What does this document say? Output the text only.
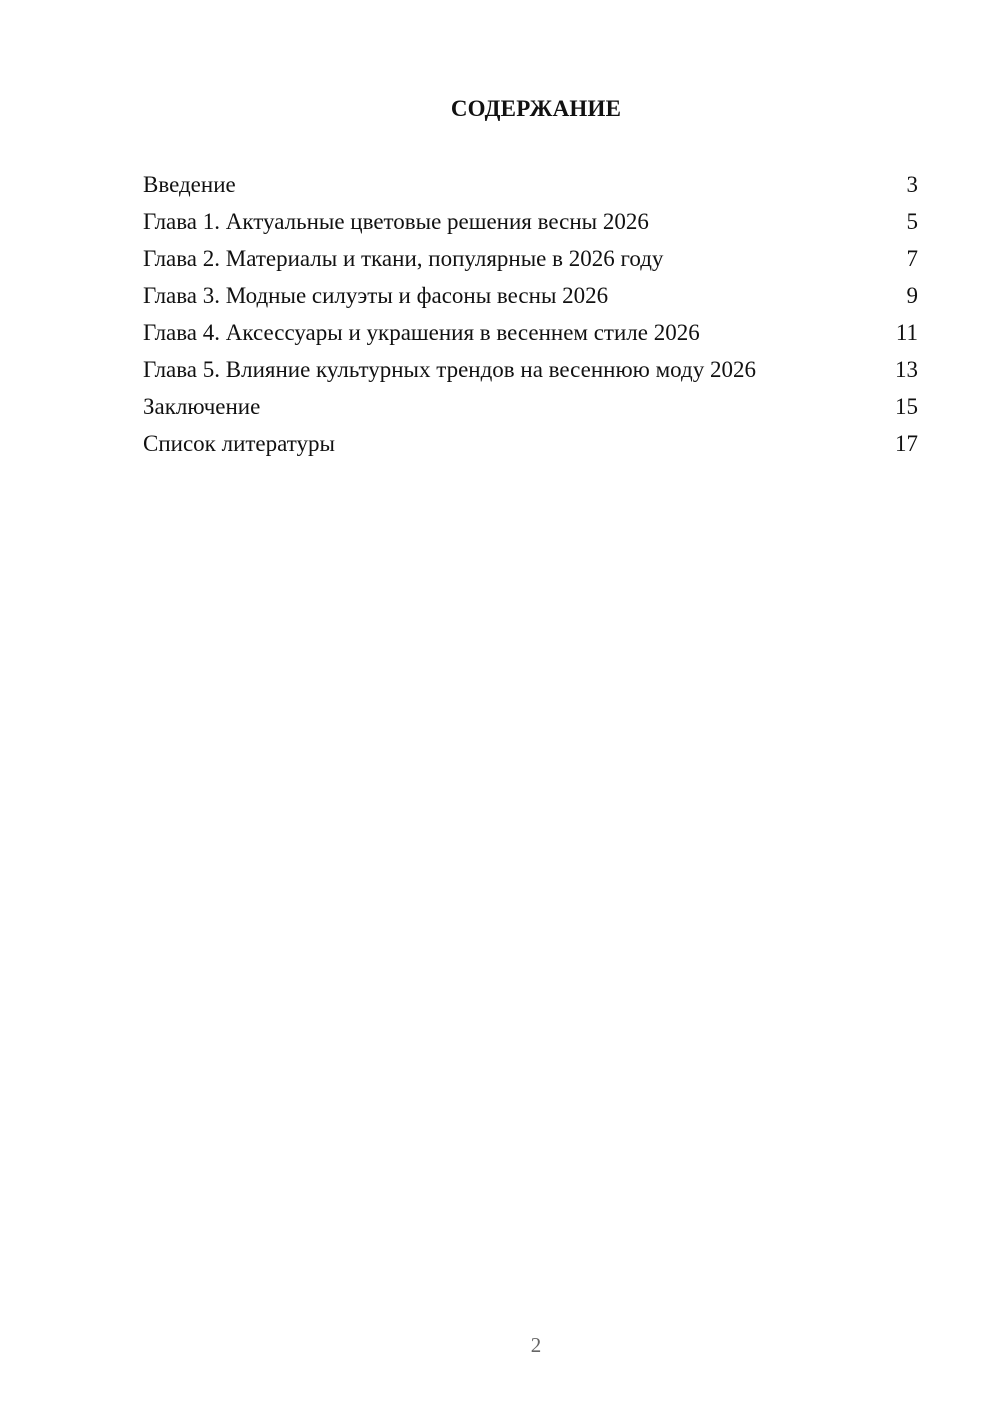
СОДЕРЖАНИЕ
Введение	3
Глава 1. Актуальные цветовые решения весны 2026	5
Глава 2. Материалы и ткани, популярные в 2026 году	7
Глава 3. Модные силуэты и фасоны весны 2026	9
Глава 4. Аксессуары и украшения в весеннем стиле 2026	11
Глава 5. Влияние культурных трендов на весеннюю моду 2026	13
Заключение	15
Список литературы	17
2
